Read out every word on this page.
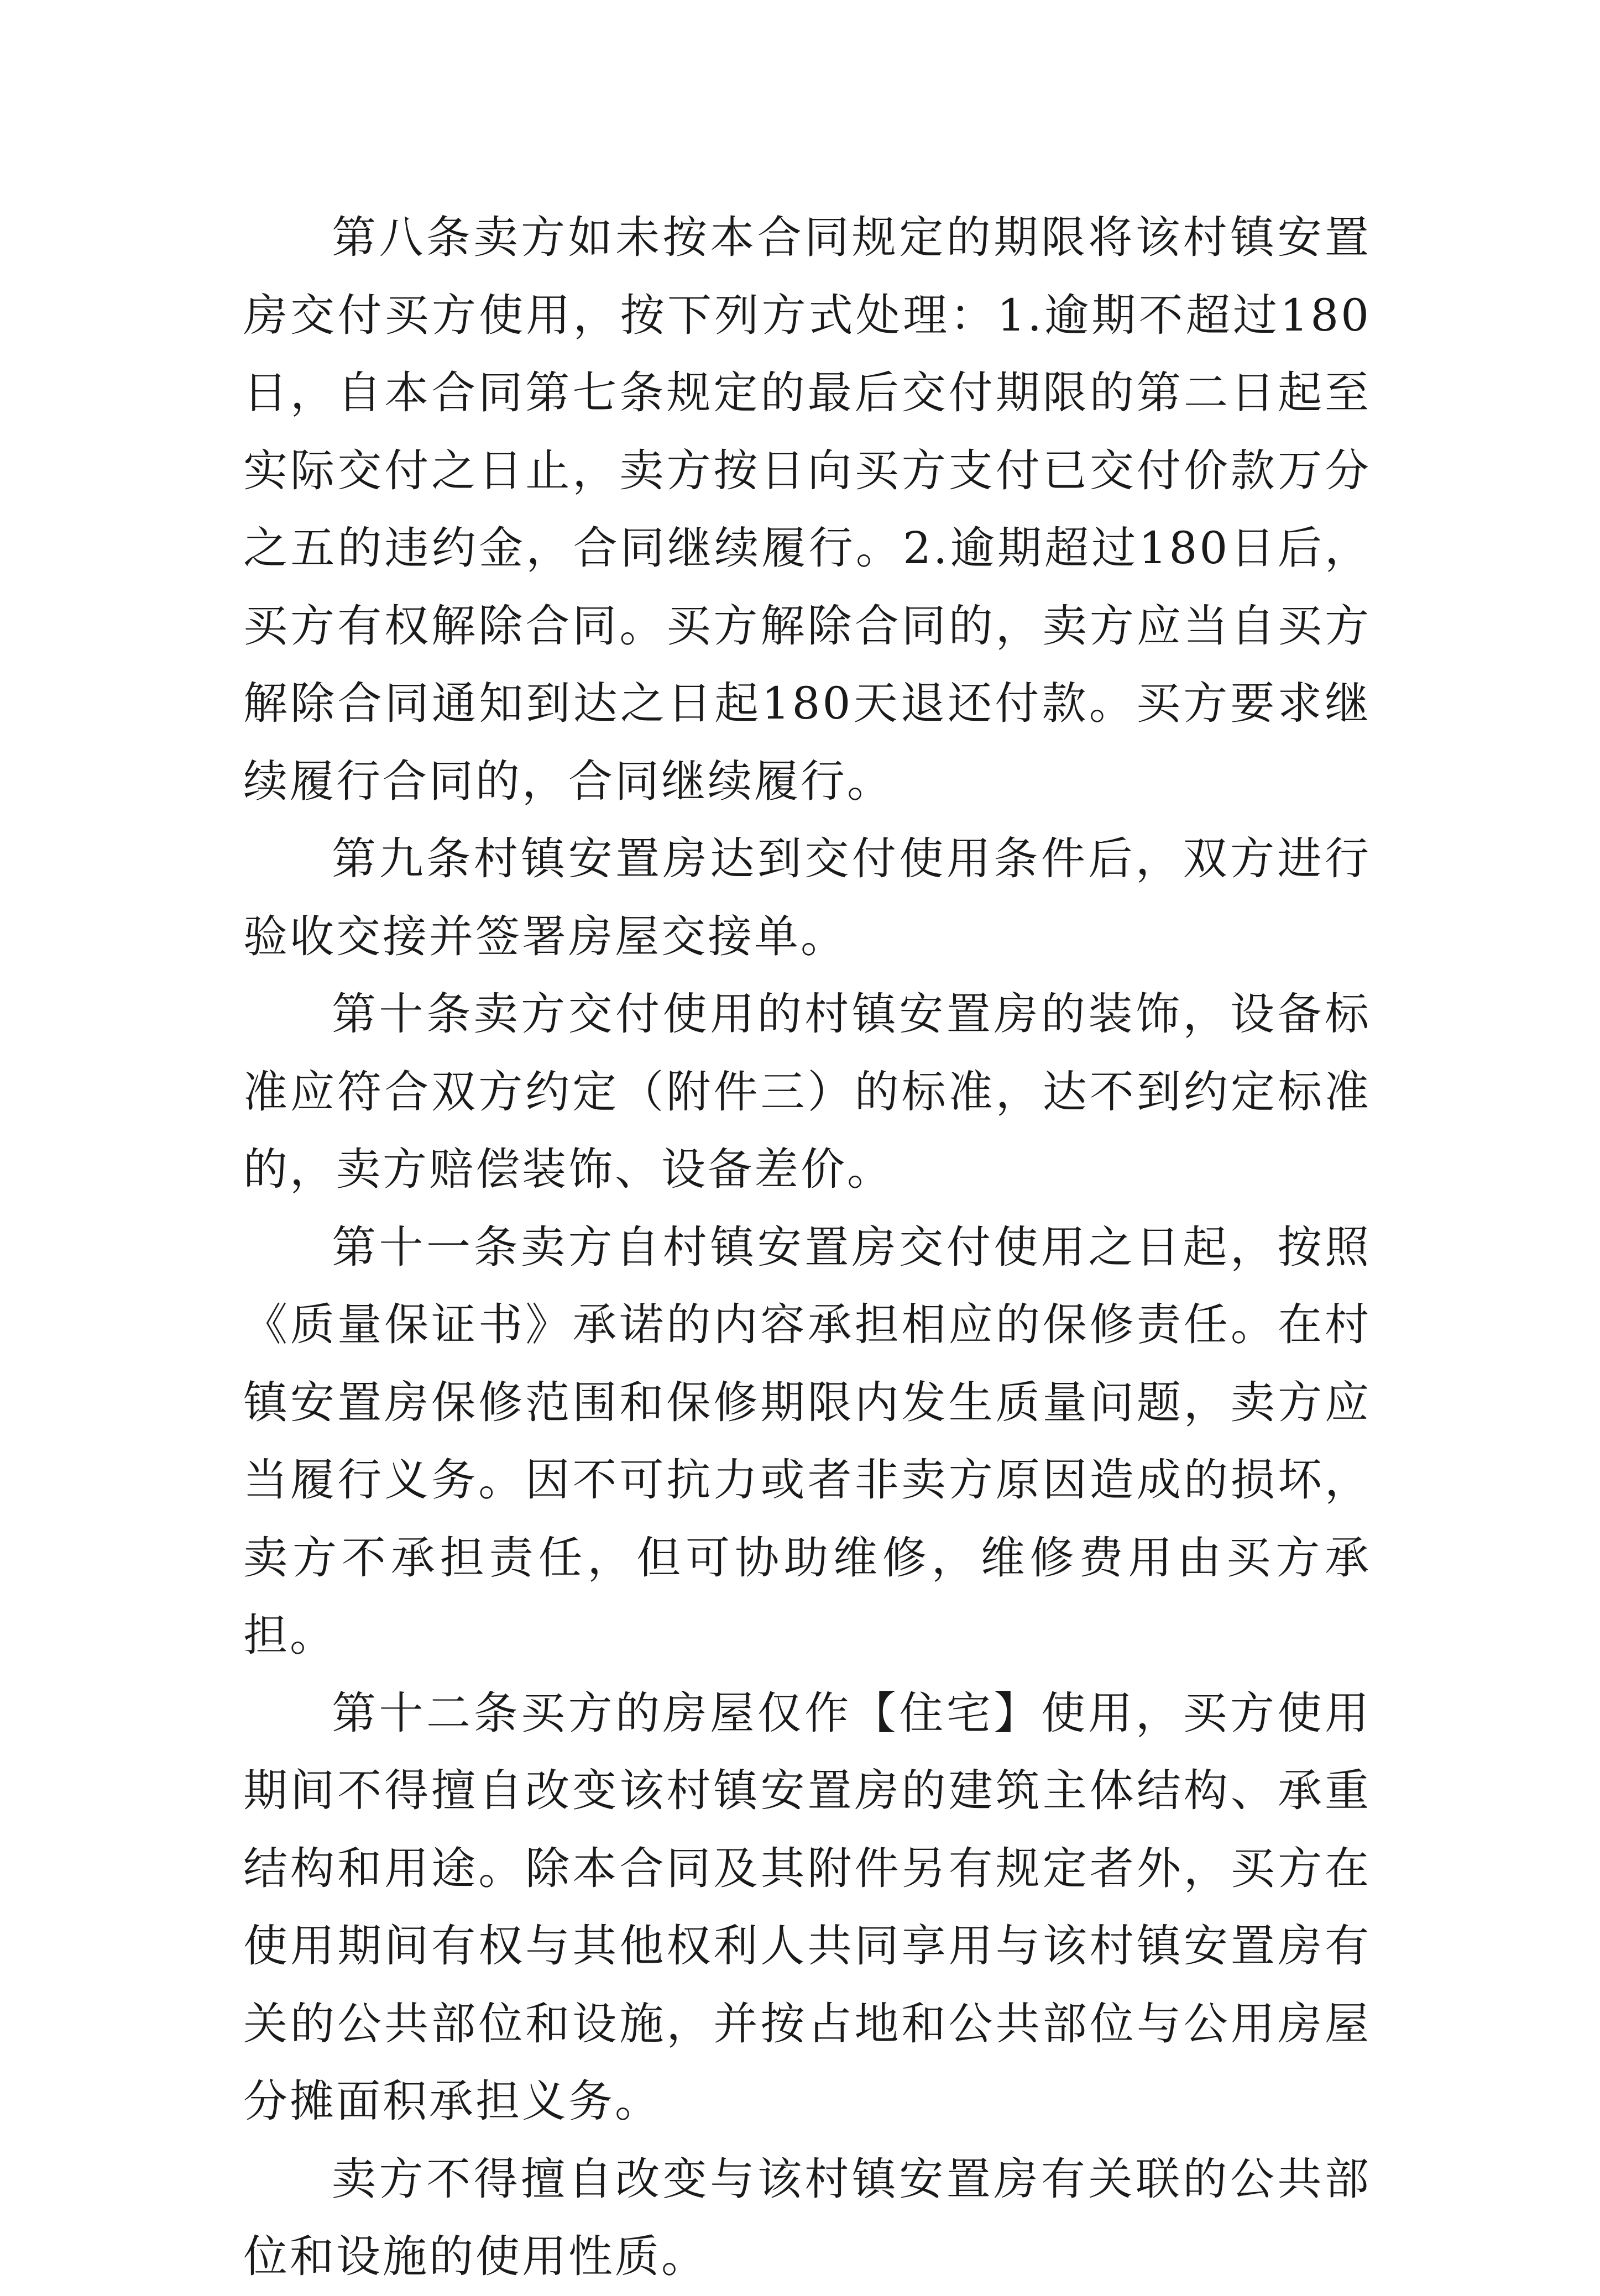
第八条卖方如未按本合同规定的期限将该村镇安置房交付买方使用，按下列方式处理：1.逾期不超过180日，自本合同第七条规定的最后交付期限的第二日起至实际交付之日止，卖方按日向买方支付已交付价款万分之五的违约金，合同继续履行。2.逾期超过180日后，买方有权解除合同。买方解除合同的，卖方应当自买方解除合同通知到达之日起180天退还付款。买方要求继续履行合同的，合同继续履行。

第九条村镇安置房达到交付使用条件后，双方进行验收交接并签署房屋交接单。

第十条卖方交付使用的村镇安置房的装饰，设备标准应符合双方约定（附件三）的标准，达不到约定标准的，卖方赔偿装饰、设备差价。

第十一条卖方自村镇安置房交付使用之日起，按照《质量保证书》承诺的内容承担相应的保修责任。在村镇安置房保修范围和保修期限内发生质量问题，卖方应当履行义务。因不可抗力或者非卖方原因造成的损坏，卖方不承担责任，但可协助维修，维修费用由买方承担。

第十二条买方的房屋仅作【住宅】使用，买方使用期间不得擅自改变该村镇安置房的建筑主体结构、承重结构和用途。除本合同及其附件另有规定者外，买方在使用期间有权与其他权利人共同享用与该村镇安置房有关的公共部位和设施，并按占地和公共部位与公用房屋分摊面积承担义务。

卖方不得擅自改变与该村镇安置房有关联的公共部位和设施的使用性质。
